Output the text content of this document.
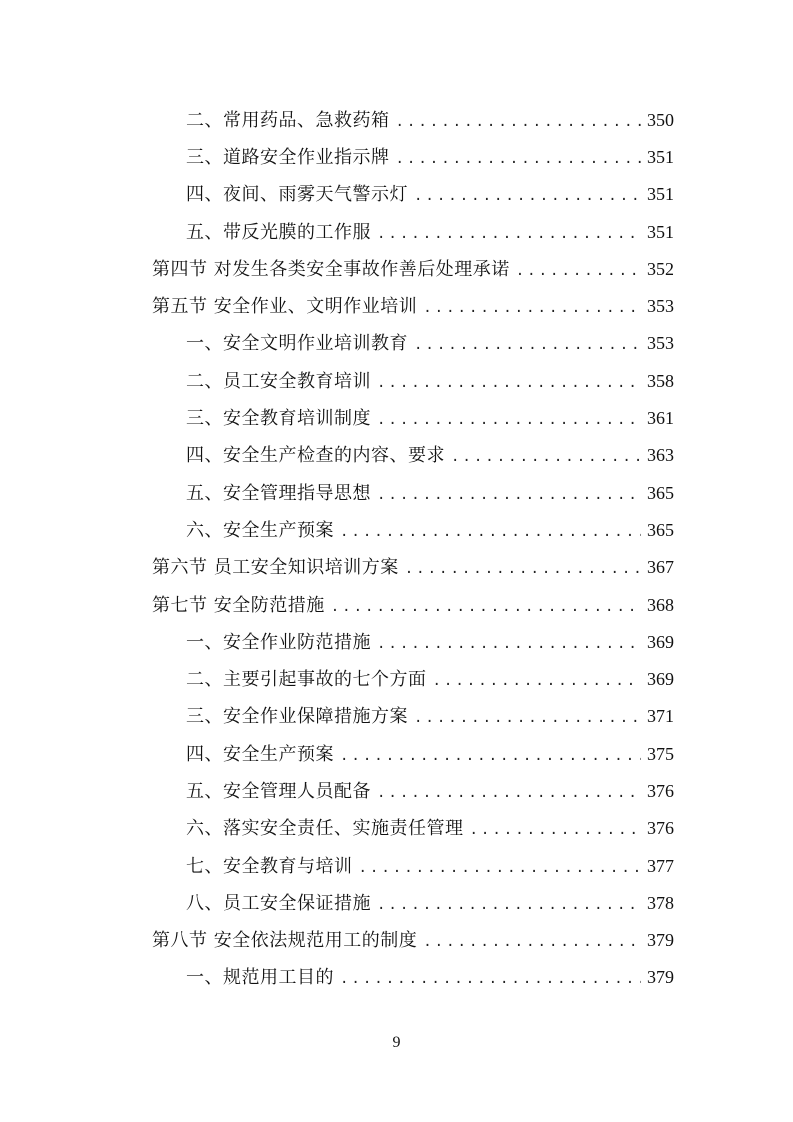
二、常用药品、急救药箱 .....	350
三、道路安全作业指示牌 .....	351
四、夜间、雨雾天气警示灯 .....	351
五、带反光膜的工作服 .....	351
第四节 对发生各类安全事故作善后处理承诺 .....	352
第五节 安全作业、文明作业培训 .....	353
一、安全文明作业培训教育 .....	353
二、员工安全教育培训 .....	358
三、安全教育培训制度 .....	361
四、安全生产检查的内容、要求 .....	363
五、安全管理指导思想 .....	365
六、安全生产预案 .....	365
第六节 员工安全知识培训方案 .....	367
第七节 安全防范措施 .....	368
一、安全作业防范措施 .....	369
二、主要引起事故的七个方面 .....	369
三、安全作业保障措施方案 .....	371
四、安全生产预案 .....	375
五、安全管理人员配备 .....	376
六、落实安全责任、实施责任管理 .....	376
七、安全教育与培训 .....	377
八、员工安全保证措施 .....	378
第八节 安全依法规范用工的制度 .....	379
一、规范用工目的 .....	379
9
